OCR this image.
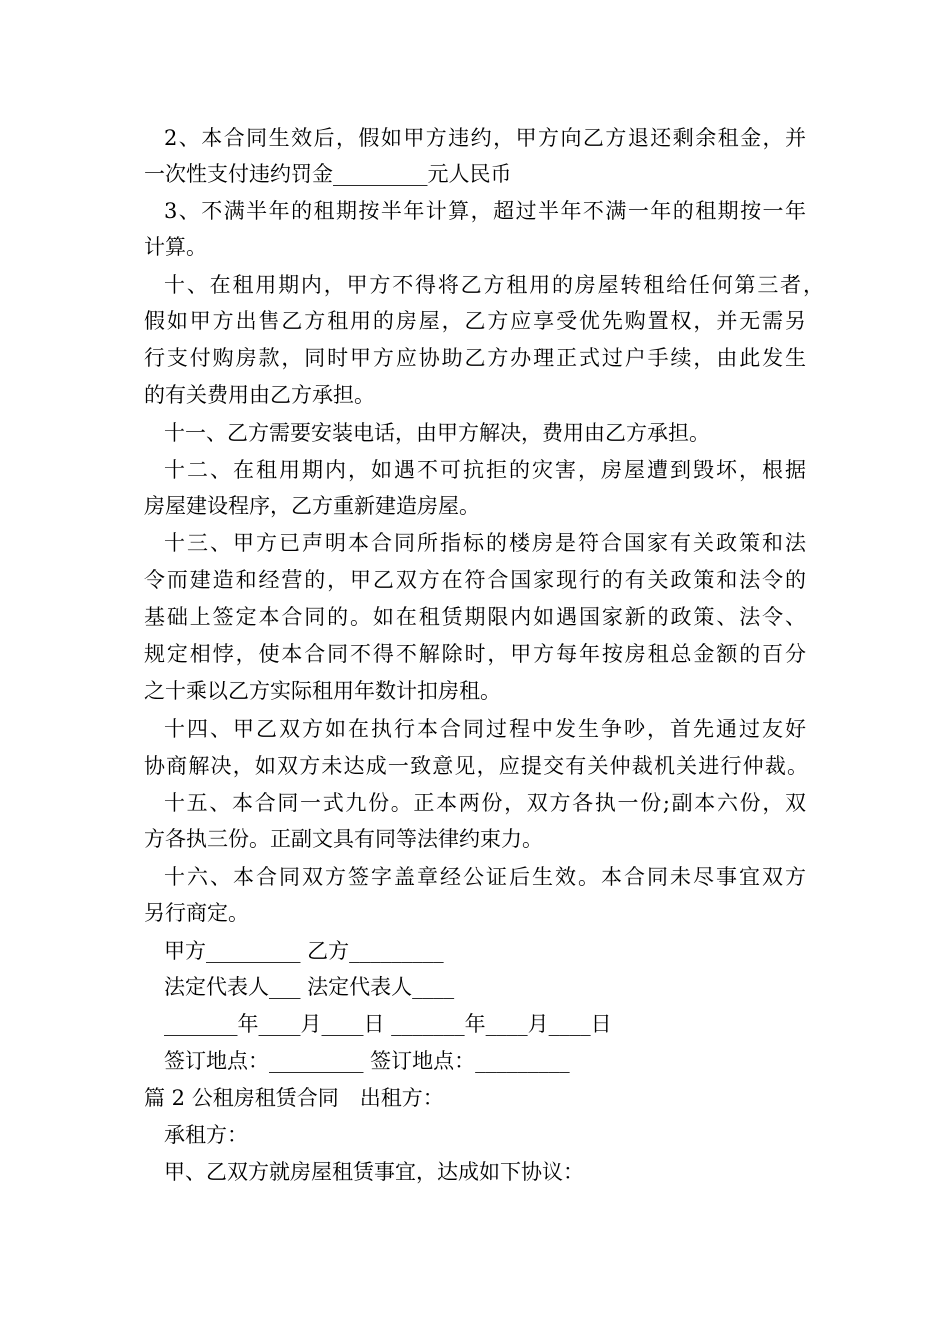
2、本合同生效后，假如甲方违约，甲方向乙方退还剩余租金，并
一次性支付违约罚金_________元人民币
3、不满半年的租期按半年计算，超过半年不满一年的租期按一年
计算。
十、在租用期内，甲方不得将乙方租用的房屋转租给任何第三者，
假如甲方出售乙方租用的房屋，乙方应享受优先购置权，并无需另
行支付购房款，同时甲方应协助乙方办理正式过户手续，由此发生
的有关费用由乙方承担。
十一、乙方需要安装电话，由甲方解决，费用由乙方承担。
十二、在租用期内，如遇不可抗拒的灾害，房屋遭到毁坏，根据
房屋建设程序，乙方重新建造房屋。
十三、甲方已声明本合同所指标的楼房是符合国家有关政策和法
令而建造和经营的，甲乙双方在符合国家现行的有关政策和法令的
基础上签定本合同的。如在租赁期限内如遇国家新的政策、法令、
规定相悖，使本合同不得不解除时，甲方每年按房租总金额的百分
之十乘以乙方实际租用年数计扣房租。
十四、甲乙双方如在执行本合同过程中发生争吵，首先通过友好
协商解决，如双方未达成一致意见，应提交有关仲裁机关进行仲裁。
十五、本合同一式九份。正本两份，双方各执一份;副本六份，双
方各执三份。正副文具有同等法律约束力。
十六、本合同双方签字盖章经公证后生效。本合同未尽事宜双方
另行商定。
甲方_________ 乙方_________
法定代表人___ 法定代表人____
_______年____月____日 _______年____月____日
签订地点：_________ 签订地点：_________
篇 2 公租房租赁合同　出租方：
承租方：
甲、乙双方就房屋租赁事宜，达成如下协议：
